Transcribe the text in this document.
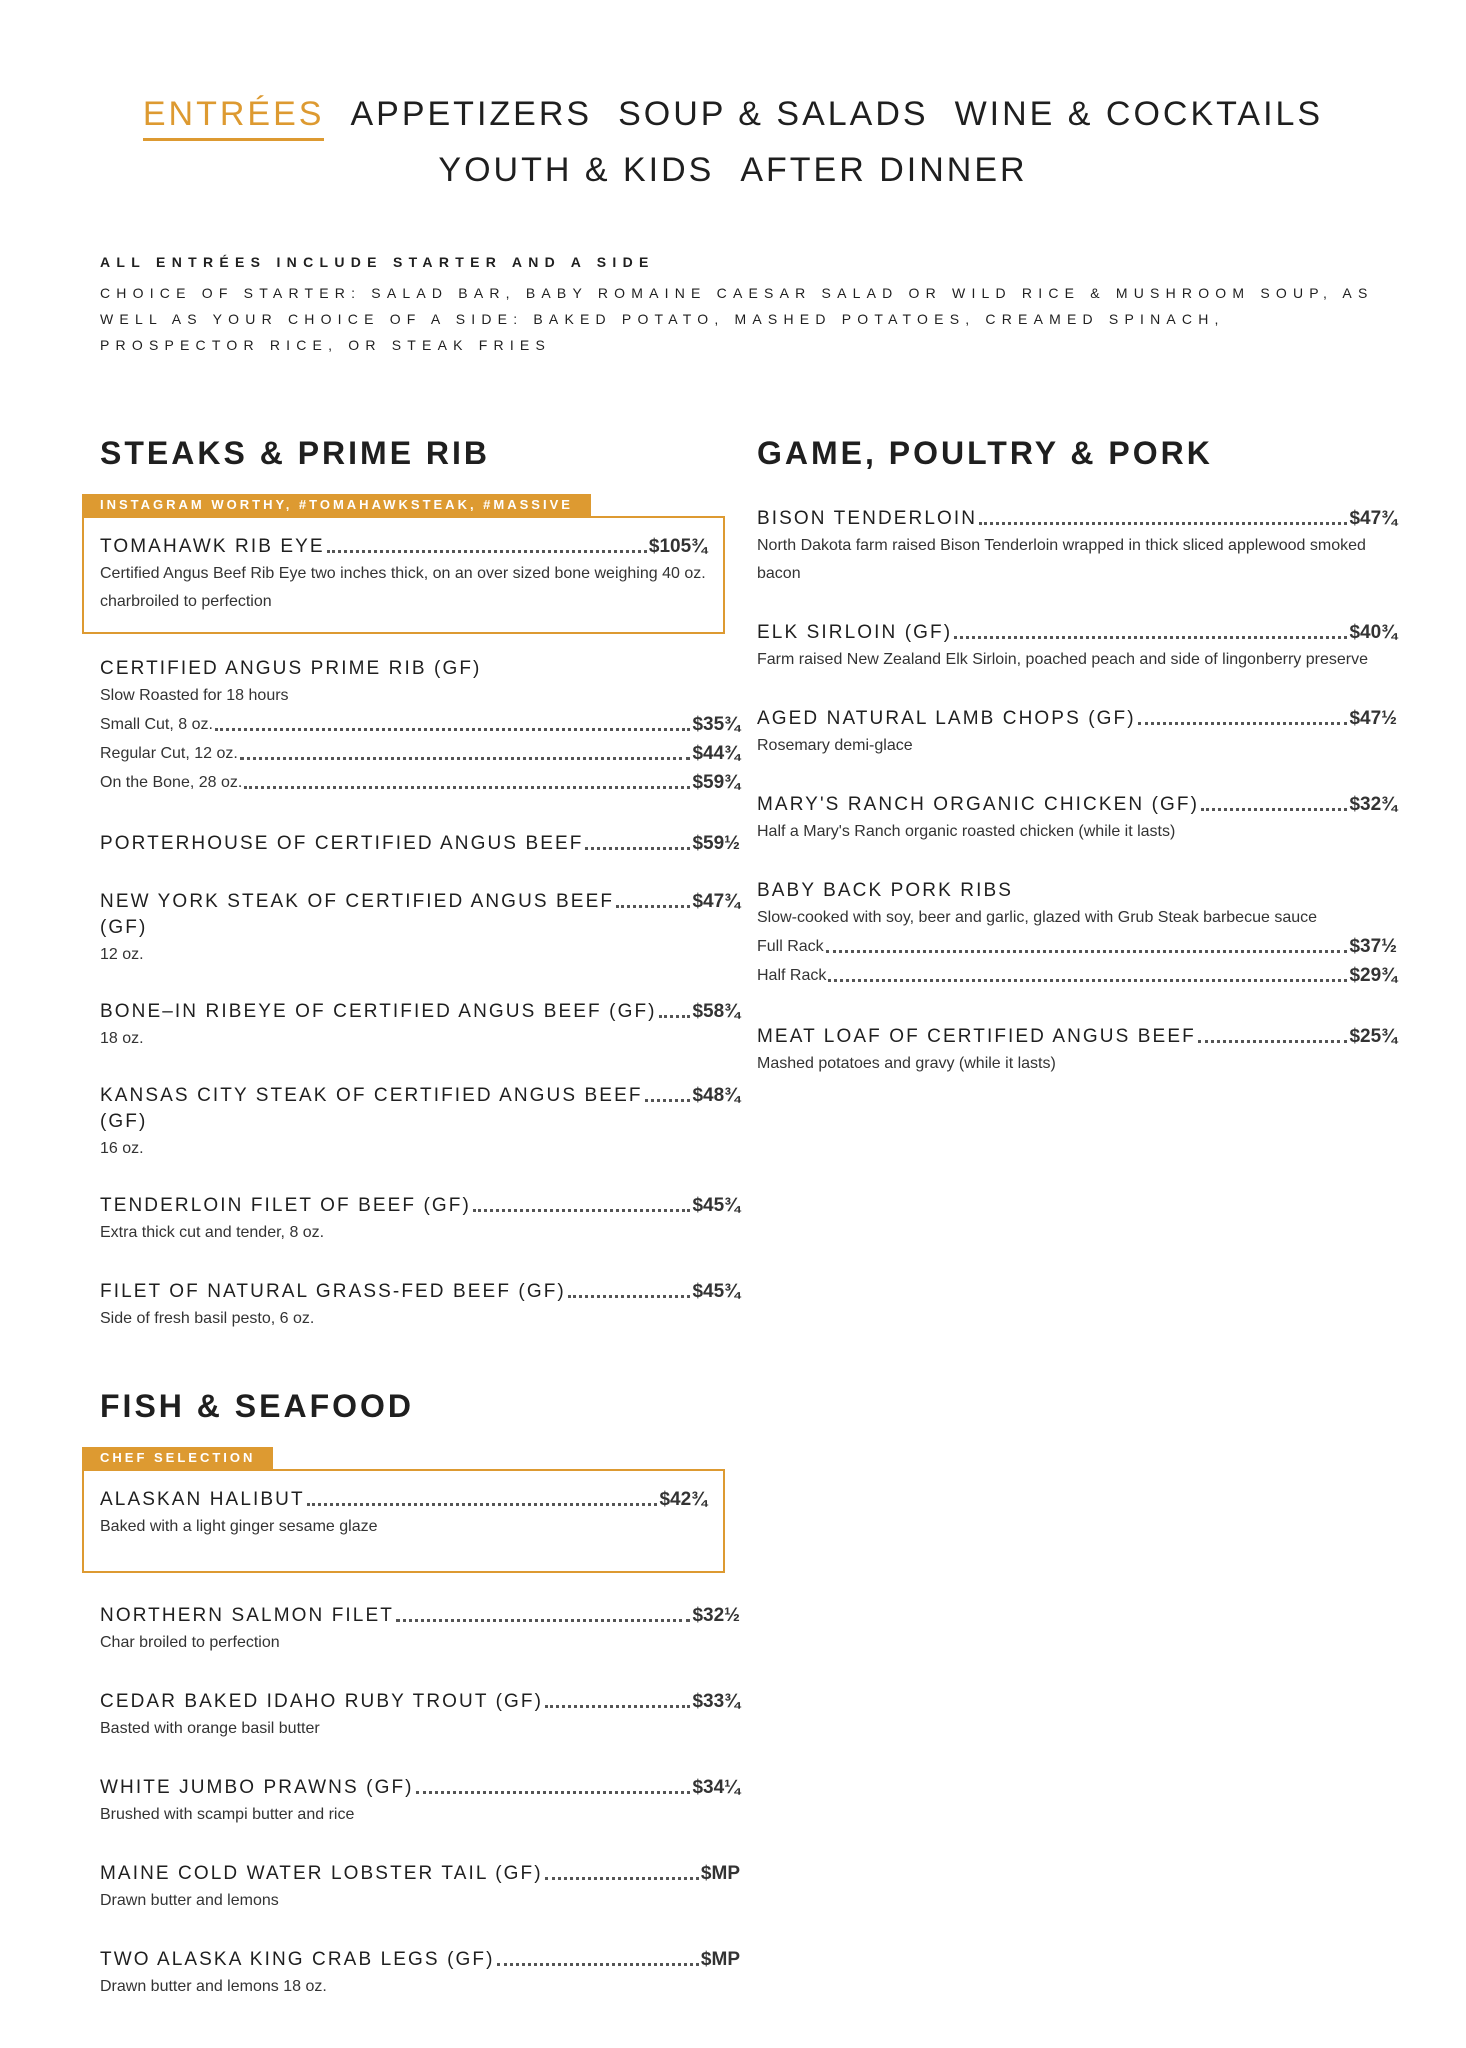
ENTRÉES APPETIZERS SOUP & SALADS WINE & COCKTAILS
YOUTH & KIDS AFTER DINNER

ALL ENTRÉES INCLUDE STARTER AND A SIDE

CHOICE OF STARTER: SALAD BAR, BABY ROMAINE CAESAR SALAD OR WILD RICE & MUSHROOM SOUP, AS WELL AS YOUR CHOICE OF A SIDE: BAKED POTATO, MASHED POTATOES, CREAMED SPINACH, PROSPECTOR RICE, OR STEAK FRIES

STEAKS & PRIME RIB
INSTAGRAM WORTHY, #TOMAHAWKSTEAK, #MASSIVE
TOMAHAWK RIB EYE	$105¾

Certified Angus Beef Rib Eye two inches thick, on an over sized bone weighing 40 oz. charbroiled to perfection

CERTIFIED ANGUS PRIME RIB (GF)

Slow Roasted for 18 hours

Small Cut, 8 oz.	$35¾
Regular Cut, 12 oz.	$44¾
On the Bone, 28 oz.	$59¾
PORTERHOUSE OF CERTIFIED ANGUS BEEF	$59½
NEW YORK STEAK OF CERTIFIED ANGUS BEEF	$47¾
(GF)

12 oz.

BONE–IN RIBEYE OF CERTIFIED ANGUS BEEF (GF) $58¾

18 oz.

KANSAS CITY STEAK OF CERTIFIED ANGUS BEEF	$48¾
(GF)

16 oz.

TENDERLOIN FILET OF BEEF (GF)	$45¾

Extra thick cut and tender, 8 oz.

FILET OF NATURAL GRASS-FED BEEF (GF)	$45¾

Side of fresh basil pesto, 6 oz.

FISH & SEAFOOD
CHEF SELECTION
ALASKAN HALIBUT	$42¾

Baked with a light ginger sesame glaze

NORTHERN SALMON FILET	$32½

Char broiled to perfection

CEDAR BAKED IDAHO RUBY TROUT (GF)	$33¾

Basted with orange basil butter

WHITE JUMBO PRAWNS (GF)	$34¼

Brushed with scampi butter and rice

MAINE COLD WATER LOBSTER TAIL (GF)	$MP

Drawn butter and lemons

TWO ALASKA KING CRAB LEGS (GF)	$MP

Drawn butter and lemons 18 oz.

GAME, POULTRY & PORK
BISON TENDERLOIN	$47¾

North Dakota farm raised Bison Tenderloin wrapped in thick sliced applewood smoked bacon

ELK SIRLOIN (GF)	$40¾

Farm raised New Zealand Elk Sirloin, poached peach and side of lingonberry preserve

AGED NATURAL LAMB CHOPS (GF)	$47½

Rosemary demi-glace

MARY'S RANCH ORGANIC CHICKEN (GF)	$32¾

Half a Mary's Ranch organic roasted chicken (while it lasts)

BABY BACK PORK RIBS

Slow-cooked with soy, beer and garlic, glazed with Grub Steak barbecue sauce

Full Rack	$37½
Half Rack	$29¾
MEAT LOAF OF CERTIFIED ANGUS BEEF	$25¾

Mashed potatoes and gravy (while it lasts)
